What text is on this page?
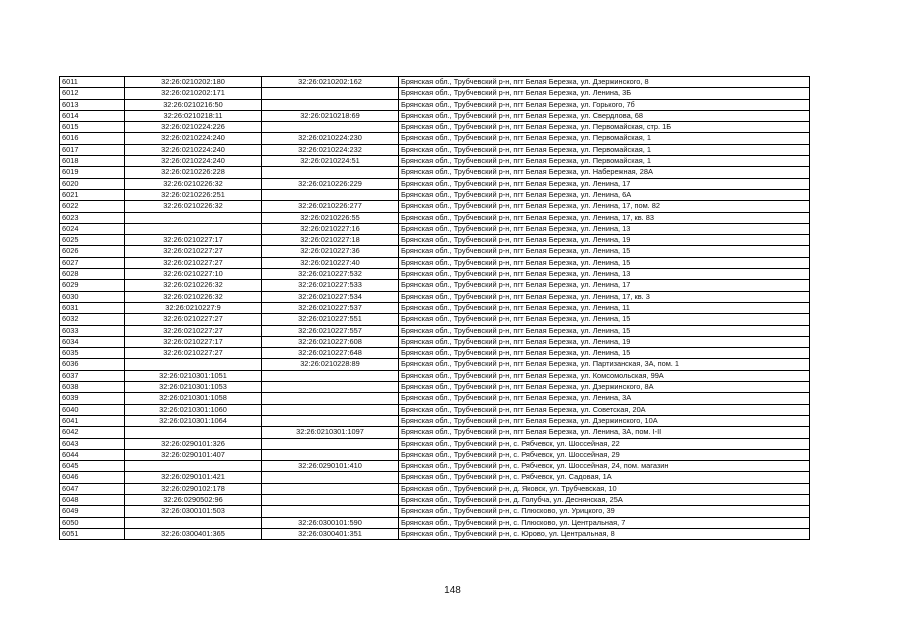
6011	32:26:0210202:180	32:26:0210202:162	Брянская обл., Трубчевский р-н, пгт Белая Березка, ул. Дзержинского, 8
6012	32:26:0210202:171		Брянская обл., Трубчевский р-н, пгт Белая Березка, ул. Ленина, 3Б
6013	32:26:0210216:50		Брянская обл., Трубчевский р-н, пгт Белая Березка, ул. Горького, 7б
6014	32:26:0210218:11	32:26:0210218:69	Брянская обл., Трубчевский р-н, пгт Белая Березка, ул. Свердлова, 68
6015	32:26:0210224:226		Брянская обл., Трубчевский р-н, пгт Белая Березка, ул. Первомайская, стр. 1Б
6016	32:26:0210224:240	32:26:0210224:230	Брянская обл., Трубчевский р-н, пгт Белая Березка, ул. Первомайская, 1
6017	32:26:0210224:240	32:26:0210224:232	Брянская обл., Трубчевский р-н, пгт Белая Березка, ул. Первомайская, 1
6018	32:26:0210224:240	32:26:0210224:51	Брянская обл., Трубчевский р-н, пгт Белая Березка, ул. Первомайская, 1
6019	32:26:0210226:228		Брянская обл., Трубчевский р-н, пгт Белая Березка, ул. Набережная, 28А
6020	32:26:0210226:32	32:26:0210226:229	Брянская обл., Трубчевский р-н, пгт Белая Березка, ул. Ленина, 17
6021	32:26:0210226:251		Брянская обл., Трубчевский р-н, пгт Белая Березка, ул. Ленина, 6А
6022	32:26:0210226:32	32:26:0210226:277	Брянская обл., Трубчевский р-н, пгт Белая Березка, ул. Ленина, 17, пом. 82
6023		32:26:0210226:55	Брянская обл., Трубчевский р-н, пгт Белая Березка, ул. Ленина, 17, кв. 83
6024		32:26:0210227:16	Брянская обл., Трубчевский р-н, пгт Белая Березка, ул. Ленина, 13
6025	32:26:0210227:17	32:26:0210227:18	Брянская обл., Трубчевский р-н, пгт Белая Березка, ул. Ленина, 19
6026	32:26:0210227:27	32:26:0210227:36	Брянская обл., Трубчевский р-н, пгт Белая Березка, ул. Ленина, 15
6027	32:26:0210227:27	32:26:0210227:40	Брянская обл., Трубчевский р-н, пгт Белая Березка, ул. Ленина, 15
6028	32:26:0210227:10	32:26:0210227:532	Брянская обл., Трубчевский р-н, пгт Белая Березка, ул. Ленина, 13
6029	32:26:0210226:32	32:26:0210227:533	Брянская обл., Трубчевский р-н, пгт Белая Березка, ул. Ленина, 17
6030	32:26:0210226:32	32:26:0210227:534	Брянская обл., Трубчевский р-н, пгт Белая Березка, ул. Ленина, 17, кв. 3
6031	32:26:0210227:9	32:26:0210227:537	Брянская обл., Трубчевский р-н, пгт Белая Березка, ул. Ленина, 11
6032	32:26:0210227:27	32:26:0210227:551	Брянская обл., Трубчевский р-н, пгт Белая Березка, ул. Ленина, 15
6033	32:26:0210227:27	32:26:0210227:557	Брянская обл., Трубчевский р-н, пгт Белая Березка, ул. Ленина, 15
6034	32:26:0210227:17	32:26:0210227:608	Брянская обл., Трубчевский р-н, пгт Белая Березка, ул. Ленина, 19
6035	32:26:0210227:27	32:26:0210227:648	Брянская обл., Трубчевский р-н, пгт Белая Березка, ул. Ленина, 15
6036		32:26:0210228:89	Брянская обл., Трубчевский р-н, пгт Белая Березка, ул. Партизанская, 3А, пом. 1
6037	32:26:0210301:1051		Брянская обл., Трубчевский р-н, пгт Белая Березка, ул. Комсомольская, 99А
6038	32:26:0210301:1053		Брянская обл., Трубчевский р-н, пгт Белая Березка, ул. Дзержинского, 8А
6039	32:26:0210301:1058		Брянская обл., Трубчевский р-н, пгт Белая Березка, ул. Ленина, 3А
6040	32:26:0210301:1060		Брянская обл., Трубчевский р-н, пгт Белая Березка, ул. Советская, 20А
6041	32:26:0210301:1064		Брянская обл., Трубчевский р-н, пгт Белая Березка, ул. Дзержинского, 10А
6042		32:26:0210301:1097	Брянская обл., Трубчевский р-н, пгт Белая Березка, ул. Ленина, 3А, пом. I-II
6043	32:26:0290101:326		Брянская обл., Трубчевский р-н, с. Рябчевск, ул. Шоссейная, 22
6044	32:26:0290101:407		Брянская обл., Трубчевский р-н, с. Рябчевск, ул. Шоссейная, 29
6045		32:26:0290101:410	Брянская обл., Трубчевский р-н, с. Рябчевск, ул. Шоссейная, 24, пом. магазин
6046	32:26:0290101:421		Брянская обл., Трубчевский р-н, с. Рябчевск, ул. Садовая, 1А
6047	32:26:0290102:178		Брянская обл., Трубчевский р-н, д. Яковск, ул. Трубчевская, 10
6048	32:26:0290502:96		Брянская обл., Трубчевский р-н, д. Голубча, ул. Деснянская, 25А
6049	32:26:0300101:503		Брянская обл., Трубчевский р-н, с. Плюсково, ул. Урицкого, 39
6050		32:26:0300101:590	Брянская обл., Трубчевский р-н, с. Плюсково, ул. Центральная, 7
6051	32:26:0300401:365	32:26:0300401:351	Брянская обл., Трубчевский р-н, с. Юрово, ул. Центральная, 8
148
